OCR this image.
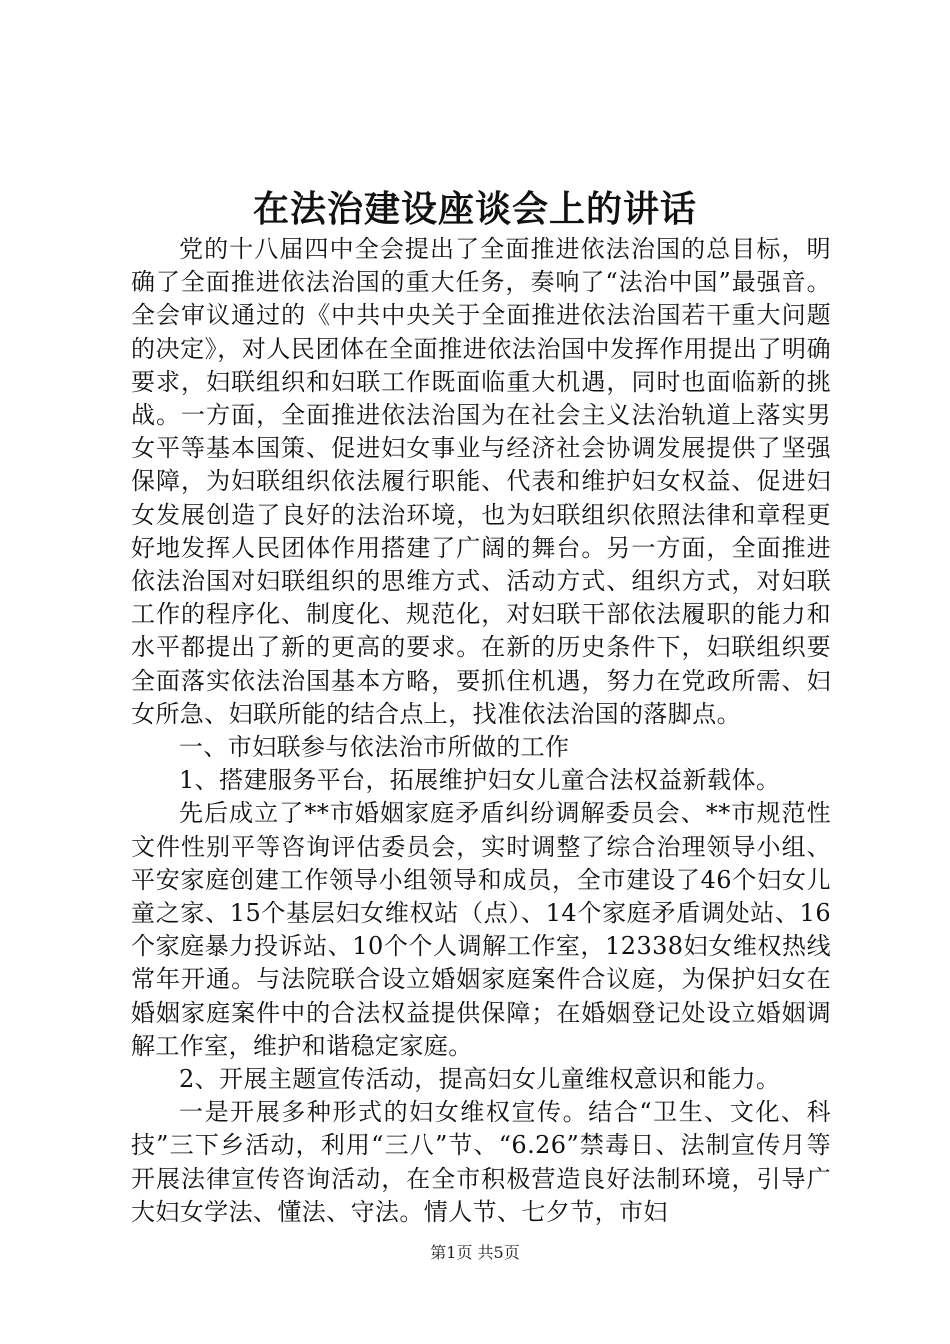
在法治建设座谈会上的讲话

党的十八届四中全会提出了全面推进依法治国的总目标，明确了全面推进依法治国的重大任务，奏响了“法治中国”最强音。全会审议通过的《中共中央关于全面推进依法治国若干重大问题的决定》，对人民团体在全面推进依法治国中发挥作用提出了明确要求，妇联组织和妇联工作既面临重大机遇，同时也面临新的挑战。一方面，全面推进依法治国为在社会主义法治轨道上落实男女平等基本国策、促进妇女事业与经济社会协调发展提供了坚强保障，为妇联组织依法履行职能、代表和维护妇女权益、促进妇女发展创造了良好的法治环境，也为妇联组织依照法律和章程更好地发挥人民团体作用搭建了广阔的舞台。另一方面，全面推进依法治国对妇联组织的思维方式、活动方式、组织方式，对妇联工作的程序化、制度化、规范化，对妇联干部依法履职的能力和水平都提出了新的更高的要求。在新的历史条件下，妇联组织要全面落实依法治国基本方略，要抓住机遇，努力在党政所需、妇女所急、妇联所能的结合点上，找准依法治国的落脚点。

一、市妇联参与依法治市所做的工作

1、搭建服务平台，拓展维护妇女儿童合法权益新载体。

先后成立了**市婚姻家庭矛盾纠纷调解委员会、**市规范性文件性别平等咨询评估委员会，实时调整了综合治理领导小组、平安家庭创建工作领导小组领导和成员，全市建设了46个妇女儿童之家、15个基层妇女维权站（点）、14个家庭矛盾调处站、16个家庭暴力投诉站、10个个人调解工作室，12338妇女维权热线常年开通。与法院联合设立婚姻家庭案件合议庭，为保护妇女在婚姻家庭案件中的合法权益提供保障；在婚姻登记处设立婚姻调解工作室，维护和谐稳定家庭。

2、开展主题宣传活动，提高妇女儿童维权意识和能力。

一是开展多种形式的妇女维权宣传。结合“卫生、文化、科技”三下乡活动，利用“三八”节、“6.26”禁毒日、法制宣传月等开展法律宣传咨询活动，在全市积极营造良好法制环境，引导广大妇女学法、懂法、守法。情人节、七夕节，市妇

第1页 共5页
